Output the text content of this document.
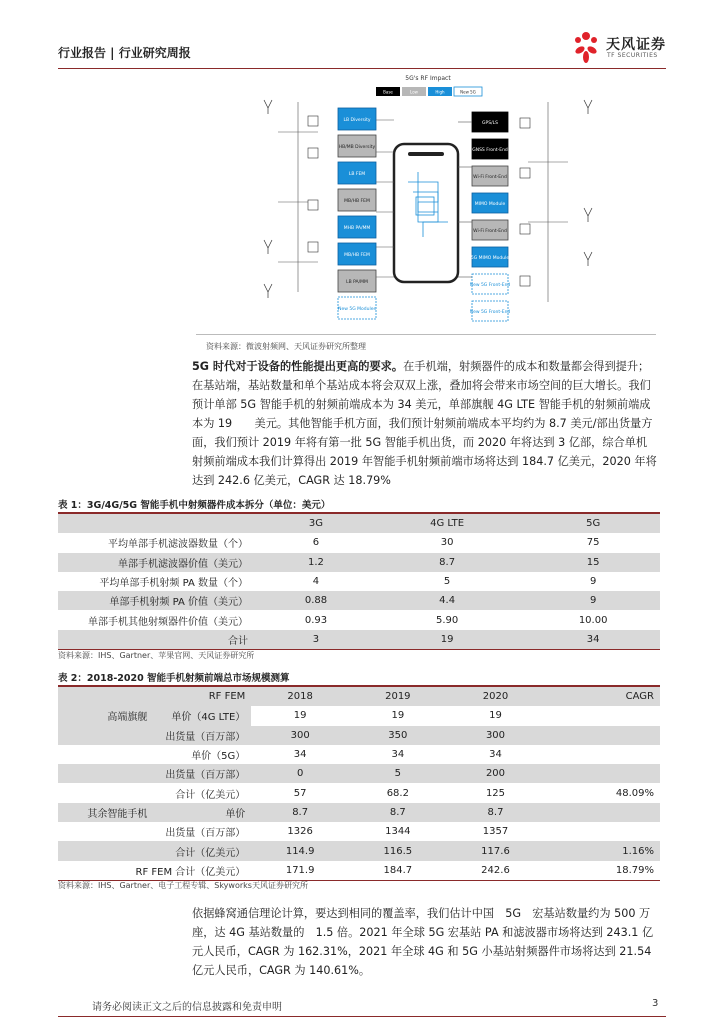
行业报告 | 行业研究周报	天风证券
TF SECURITIES
5G's RF Impact
Base	Low	High	New 5G
LB Diversity
HB/MB Diversity
LB FEM
MB/HB FEM
MHB PA/MM
MB/HB FEM
LB PA/MM
New 5G Modules
GPS/LS
GNSS Front-End
Wi-Fi Front-End
MIMO Module
Wi-Fi Front-End
5G MIMO Module
New 5G Front-End
New 5G Front-End
资料来源：微波射频网、天风证券研究所整理
5G 时代对于设备的性能提出更高的要求。在手机端，射频器件的成本和数量都会得到提升；在基站端，基站数量和单个基站成本将会双双上涨，叠加将会带来市场空间的巨大增长。我们预计单部 5G 智能手机的射频前端成本为 34 美元，单部旗舰 4G LTE 智能手机的射频前端成本为 19　　美元。其他智能手机方面，我们预计射频前端成本平均约为 8.7 美元/部出货量方面，我们预计 2019 年将有第一批 5G 智能手机出货，而 2020 年将达到 3 亿部，综合单机射频前端成本我们计算得出 2019 年智能手机射频前端市场将达到 184.7 亿美元，2020 年将达到 242.6 亿美元，CAGR 达 18.79%
表 1：3G/4G/5G 智能手机中射频器件成本拆分（单位：美元）
	3G	4G LTE	5G
平均单部手机滤波器数量（个）	6	30	75
单部手机滤波器价值（美元）	1.2	8.7	15
平均单部手机射频 PA 数量（个）	4	5	9
单部手机射频 PA 价值（美元）	0.88	4.4	9
单部手机其他射频器件价值（美元）	0.93	5.90	10.00
合计	3	19	34
资料来源：IHS、Gartner、苹果官网、天风证券研究所
表 2：2018-2020 智能手机射频前端总市场规模测算
	RF FEM	2018	2019	2020	CAGR
高端旗舰	单价（4G LTE）	19	19	19	
	出货量（百万部）	300	350	300	
	单价（5G）	34	34	34	
	出货量（百万部）	0	5	200	
	合计（亿美元）	57	68.2	125	48.09%
其余智能手机	单价	8.7	8.7	8.7	
	出货量（百万部）	1326	1344	1357	
	合计（亿美元）	114.9	116.5	117.6	1.16%
RF FEM 合计（亿美元）		171.9	184.7	242.6	18.79%
资料来源：IHS、Gartner、电子工程专辑、Skyworks天风证券研究所
依据蜂窝通信理论计算，要达到相同的覆盖率，我们估计中国　5G　宏基站数量约为 500 万座，达 4G 基站数量的　1.5 倍。2021 年全球 5G 宏基站 PA 和滤波器市场将达到 243.1 亿元人民币，CAGR 为 162.31%，2021 年全球 4G 和 5G 小基站射频器件市场将达到 21.54 亿元人民币，CAGR 为 140.61%。
请务必阅读正文之后的信息披露和免责申明	3
